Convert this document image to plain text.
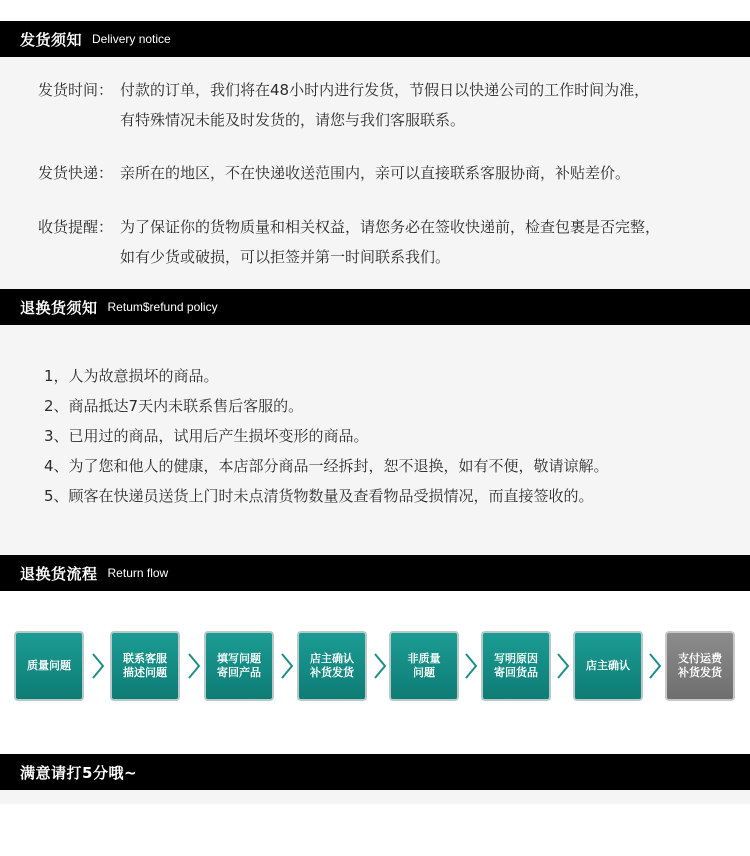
发货须知 Delivery notice
发货时间： 付款的订单，我们将在48小时内进行发货，节假日以快递公司的工作时间为准，
有特殊情况未能及时发货的，请您与我们客服联系。
发货快递： 亲所在的地区，不在快递收送范围内，亲可以直接联系客服协商，补贴差价。
收货提醒： 为了保证你的货物质量和相关权益，请您务必在签收快递前，检查包裹是否完整，
如有少货或破损，可以拒签并第一时间联系我们。
退换货须知 Retum$refund policy
1，人为故意损坏的商品。
2、商品抵达7天内未联系售后客服的。
3、已用过的商品，试用后产生损坏变形的商品。
4、为了您和他人的健康，本店部分商品一经拆封，恕不退换，如有不便，敬请谅解。
5、顾客在快递员送货上门时未点清货物数量及查看物品受损情况，而直接签收的。
退换货流程 Return flow
质量问题
联系客服
描述问题
填写问题
寄回产品
店主确认
补货发货
非质量
问题
写明原因
寄回货品
店主确认
支付运费
补货发货
满意请打5分哦~
